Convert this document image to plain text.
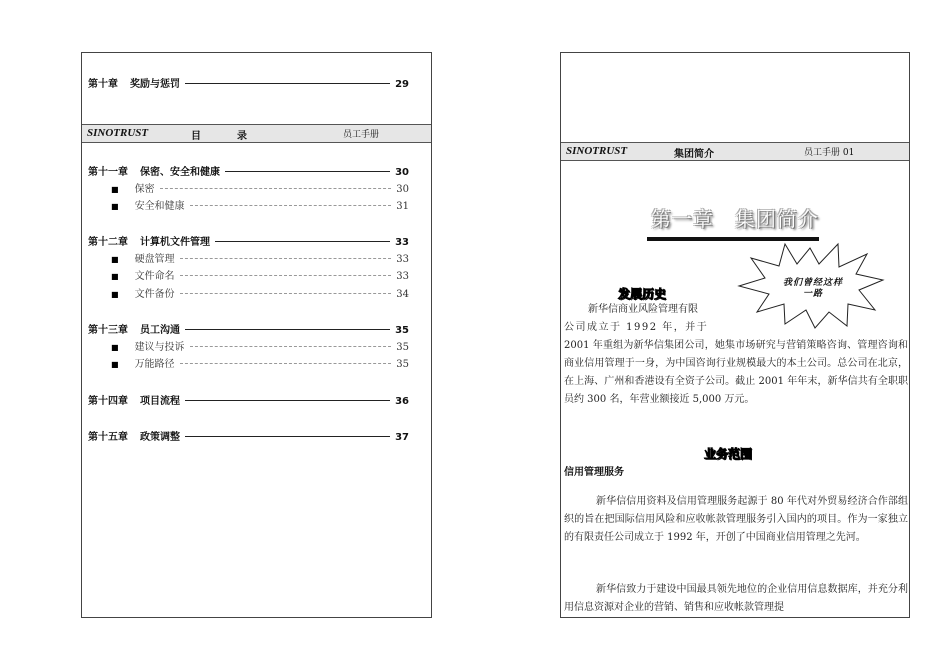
第十章 奖励与惩罚	29
SINOTRUST	目	录	员工手册
第十一章 保密、安全和健康	30
■ 保密	30
■ 安全和健康	31
第十二章 计算机文件管理	33
■ 硬盘管理	33
■ 文件命名	33
■ 文件备份	34
第十三章 员工沟通	35
■ 建议与投诉	35
■ 万能路径	35
第十四章 项目流程	36
第十五章 政策调整	37
SINOTRUST	集团简介	员工手册 01
第一章　集团简介
我们曾经这样一路
发展历史
新华信商业风险管理有限
公司成立于 1992 年，并于
2001 年重组为新华信集团公司，她集市场研究与营销策略咨询、管理咨询和商业信用管理于一身，为中国咨询行业规模最大的本土公司。总公司在北京，在上海、广州和香港设有全资子公司。截止 2001 年年末，新华信共有全职职员约 300 名，年营业额接近 5,000 万元。
业务范围
信用管理服务
新华信信用资料及信用管理服务起源于 80 年代对外贸易经济合作部组织的旨在把国际信用风险和应收帐款管理服务引入国内的项目。作为一家独立的有限责任公司成立于 1992 年，开创了中国商业信用管理之先河。
新华信致力于建设中国最具领先地位的企业信用信息数据库，并充分利用信息资源对企业的营销、销售和应收帐款管理提
